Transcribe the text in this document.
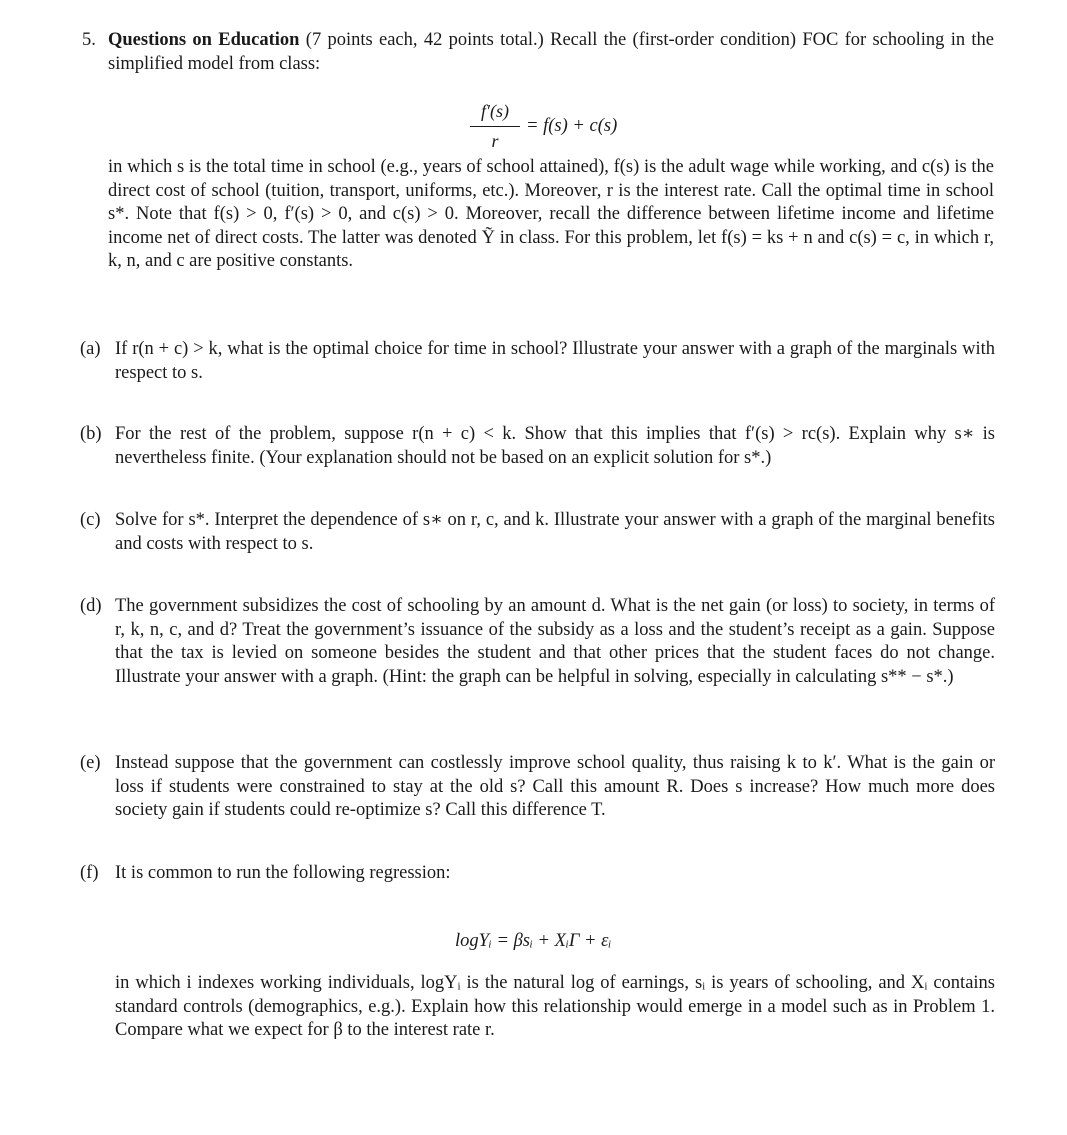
5. Questions on Education (7 points each, 42 points total.) Recall the (first-order condition) FOC for schooling in the simplified model from class:
f′(s)
r
= f(s) + c(s)
in which s is the total time in school (e.g., years of school attained), f(s) is the adult wage while working, and c(s) is the direct cost of school (tuition, transport, uniforms, etc.). Moreover, r is the interest rate. Call the optimal time in school s*. Note that f(s) > 0, f′(s) > 0, and c(s) > 0. Moreover, recall the difference between lifetime income and lifetime income net of direct costs. The latter was denoted Ỹ in class. For this problem, let f(s) = ks + n and c(s) = c, in which r, k, n, and c are positive constants.
(a) If r(n + c) > k, what is the optimal choice for time in school? Illustrate your answer with a graph of the marginals with respect to s.
(b) For the rest of the problem, suppose r(n + c) < k. Show that this implies that f′(s) > rc(s). Explain why s∗ is nevertheless finite. (Your explanation should not be based on an explicit solution for s*.)
(c) Solve for s*. Interpret the dependence of s∗ on r, c, and k. Illustrate your answer with a graph of the marginal benefits and costs with respect to s.
(d) The government subsidizes the cost of schooling by an amount d. What is the net gain (or loss) to society, in terms of r, k, n, c, and d? Treat the government’s issuance of the subsidy as a loss and the student’s receipt as a gain. Suppose that the tax is levied on someone besides the student and that other prices that the student faces do not change. Illustrate your answer with a graph. (Hint: the graph can be helpful in solving, especially in calculating s** − s*.)
(e) Instead suppose that the government can costlessly improve school quality, thus raising k to k′. What is the gain or loss if students were constrained to stay at the old s? Call this amount R. Does s increase? How much more does society gain if students could re-optimize s? Call this difference T.
(f) It is common to run the following regression:
logYᵢ = βsᵢ + XᵢΓ + εᵢ
in which i indexes working individuals, logYᵢ is the natural log of earnings, sᵢ is years of schooling, and Xᵢ contains standard controls (demographics, e.g.). Explain how this relationship would emerge in a model such as in Problem 1. Compare what we expect for β to the interest rate r.
